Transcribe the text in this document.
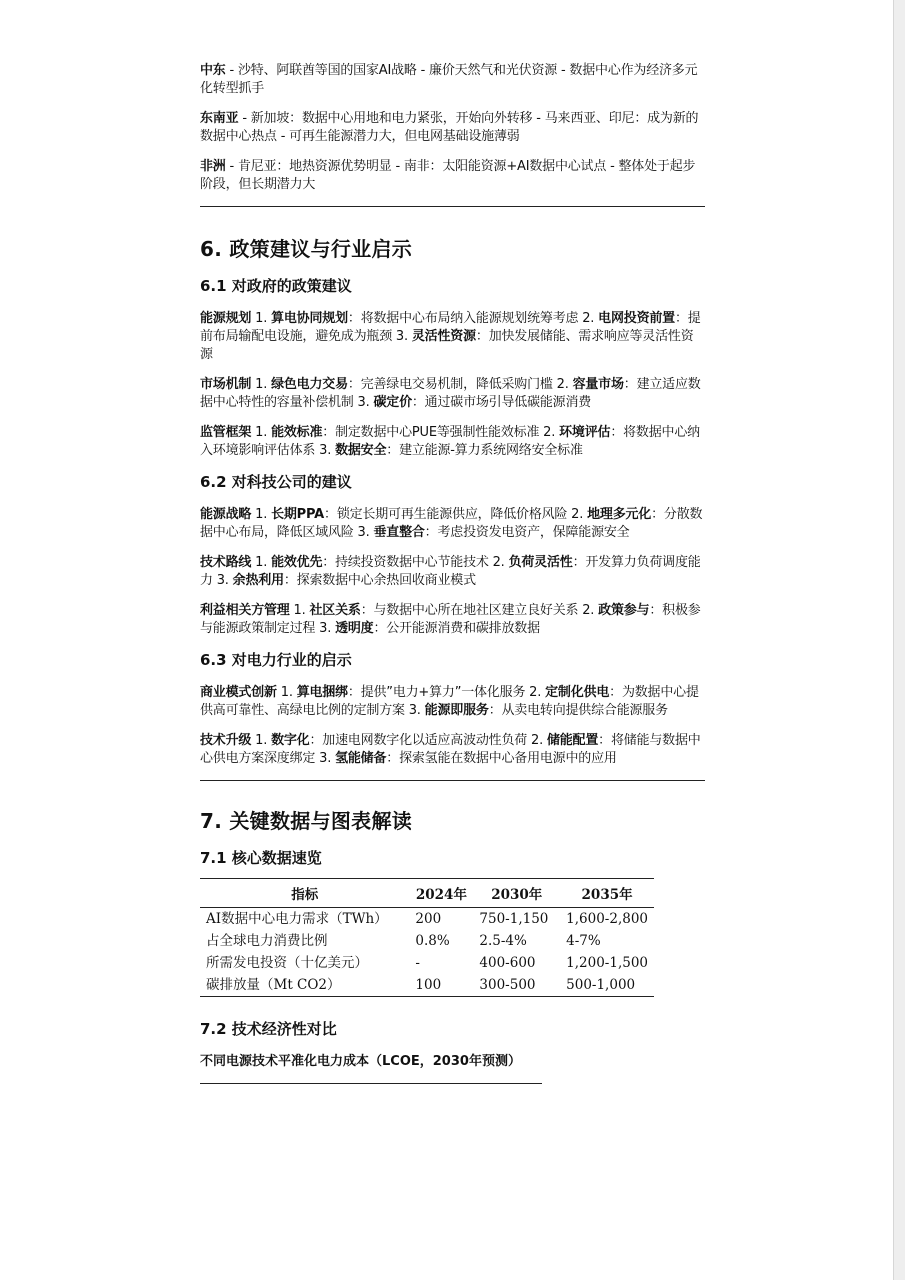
中东 - 沙特、阿联酋等国的国家AI战略 - 廉价天然气和光伏资源 - 数据中心作为经济多元化转型抓手

东南亚 - 新加坡：数据中心用地和电力紧张，开始向外转移 - 马来西亚、印尼：成为新的数据中心热点 - 可再生能源潜力大，但电网基础设施薄弱

非洲 - 肯尼亚：地热资源优势明显 - 南非：太阳能资源+AI数据中心试点 - 整体处于起步阶段，但长期潜力大

6. 政策建议与行业启示
6.1 对政府的政策建议

能源规划 1. 算电协同规划：将数据中心布局纳入能源规划统筹考虑 2. 电网投资前置：提前布局输配电设施，避免成为瓶颈 3. 灵活性资源：加快发展储能、需求响应等灵活性资源

市场机制 1. 绿色电力交易：完善绿电交易机制，降低采购门槛 2. 容量市场：建立适应数据中心特性的容量补偿机制 3. 碳定价：通过碳市场引导低碳能源消费

监管框架 1. 能效标准：制定数据中心PUE等强制性能效标准 2. 环境评估：将数据中心纳入环境影响评估体系 3. 数据安全：建立能源-算力系统网络安全标准

6.2 对科技公司的建议

能源战略 1. 长期PPA：锁定长期可再生能源供应，降低价格风险 2. 地理多元化：分散数据中心布局，降低区域风险 3. 垂直整合：考虑投资发电资产，保障能源安全

技术路线 1. 能效优先：持续投资数据中心节能技术 2. 负荷灵活性：开发算力负荷调度能力 3. 余热利用：探索数据中心余热回收商业模式

利益相关方管理 1. 社区关系：与数据中心所在地社区建立良好关系 2. 政策参与：积极参与能源政策制定过程 3. 透明度：公开能源消费和碳排放数据

6.3 对电力行业的启示

商业模式创新 1. 算电捆绑：提供”电力+算力”一体化服务 2. 定制化供电：为数据中心提供高可靠性、高绿电比例的定制方案 3. 能源即服务：从卖电转向提供综合能源服务

技术升级 1. 数字化：加速电网数字化以适应高波动性负荷 2. 储能配置：将储能与数据中心供电方案深度绑定 3. 氢能储备：探索氢能在数据中心备用电源中的应用

7. 关键数据与图表解读
7.1 核心数据速览
指标	2024年	2030年	2035年
AI数据中心电力需求（TWh）	200	750-1,150	1,600-2,800
占全球电力消费比例	0.8%	2.5-4%	4-7%
所需发电投资（十亿美元）	-	400-600	1,200-1,500
碳排放量（Mt CO2）	100	300-500	500-1,000
7.2 技术经济性对比
不同电源技术平准化电力成本（LCOE，2030年预测）
